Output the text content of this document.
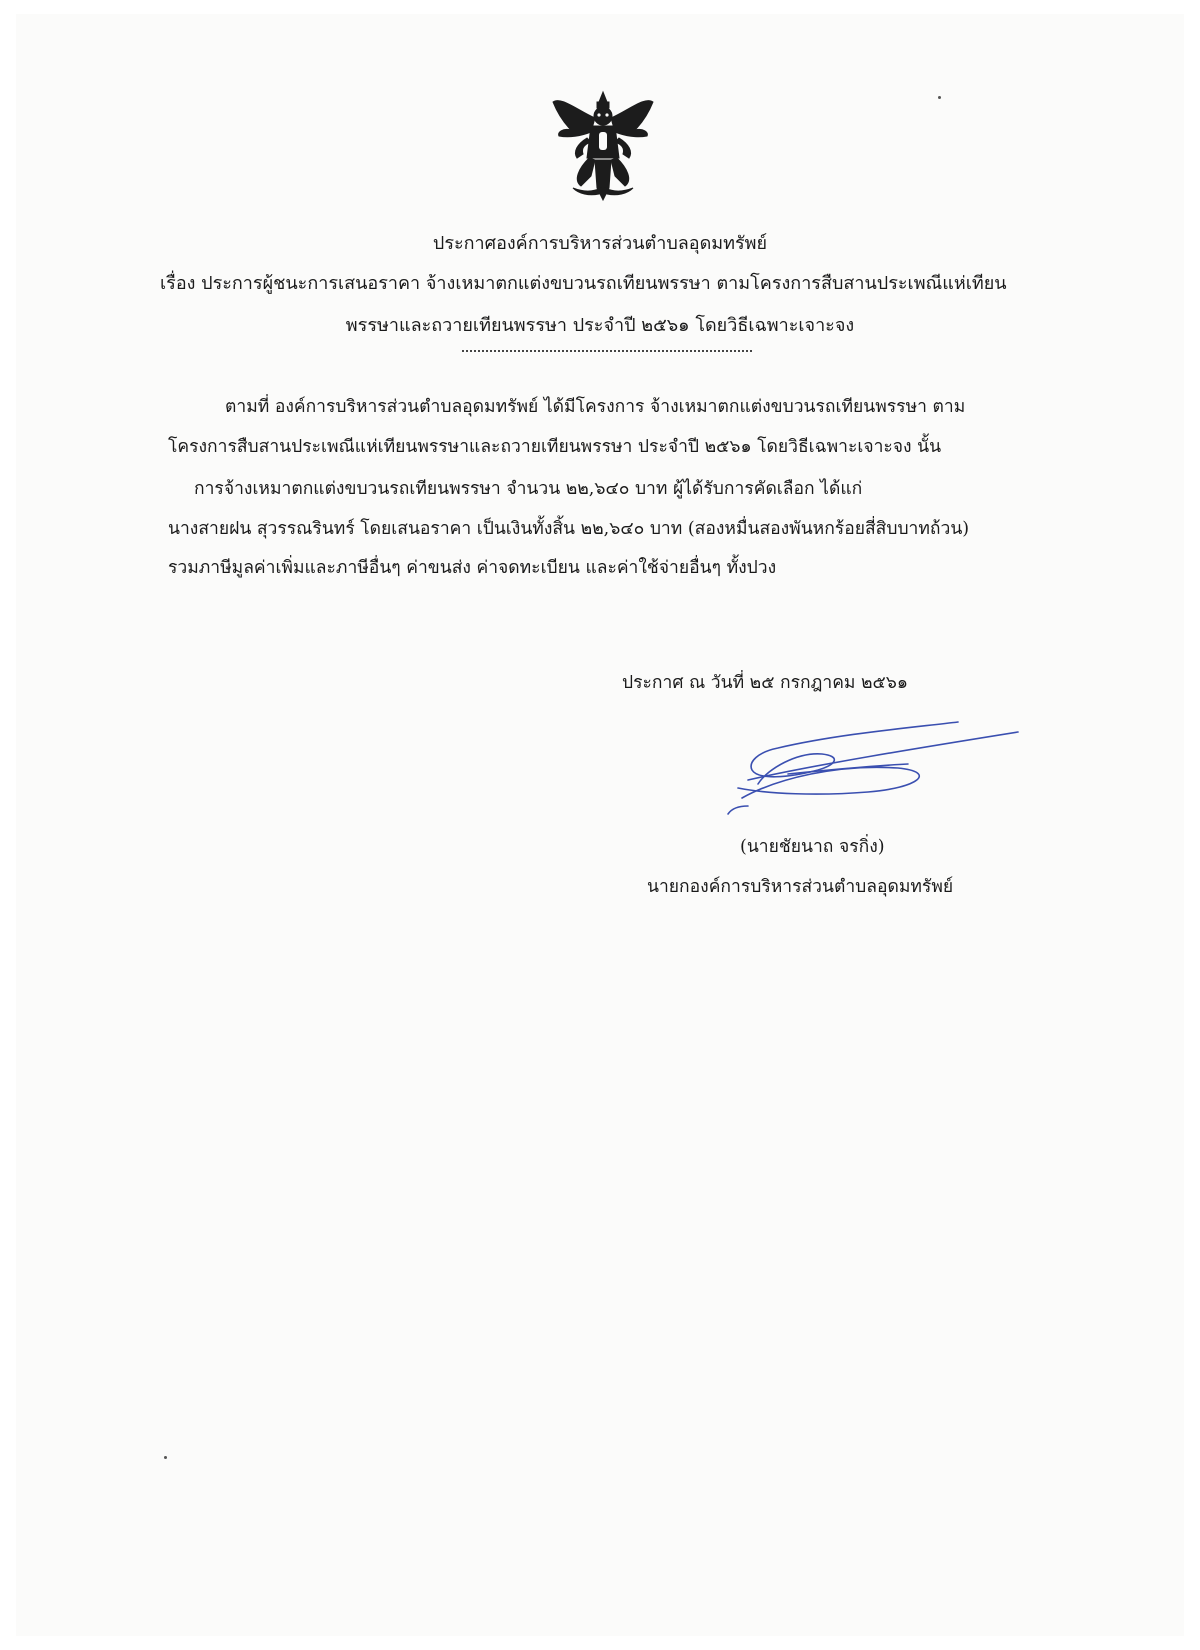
ประกาศองค์การบริหารส่วนตำบลอุดมทรัพย์
เรื่อง ประการผู้ชนะการเสนอราคา จ้างเหมาตกแต่งขบวนรถเทียนพรรษา ตามโครงการสืบสานประเพณีแห่เทียน
พรรษาและถวายเทียนพรรษา ประจำปี ๒๕๖๑ โดยวิธีเฉพาะเจาะจง
ตามที่ องค์การบริหารส่วนตำบลอุดมทรัพย์ ได้มีโครงการ จ้างเหมาตกแต่งขบวนรถเทียนพรรษา ตาม
โครงการสืบสานประเพณีแห่เทียนพรรษาและถวายเทียนพรรษา ประจำปี ๒๕๖๑ โดยวิธีเฉพาะเจาะจง นั้น
การจ้างเหมาตกแต่งขบวนรถเทียนพรรษา จำนวน ๒๒,๖๔๐ บาท ผู้ได้รับการคัดเลือก ได้แก่
นางสายฝน สุวรรณรินทร์ โดยเสนอราคา เป็นเงินทั้งสิ้น ๒๒,๖๔๐ บาท (สองหมื่นสองพันหกร้อยสี่สิบบาทถ้วน)
รวมภาษีมูลค่าเพิ่มและภาษีอื่นๆ ค่าขนส่ง ค่าจดทะเบียน และค่าใช้จ่ายอื่นๆ ทั้งปวง
ประกาศ ณ วันที่ ๒๕ กรกฎาคม ๒๕๖๑
(นายชัยนาถ จรกิ่ง)
นายกองค์การบริหารส่วนตำบลอุดมทรัพย์
